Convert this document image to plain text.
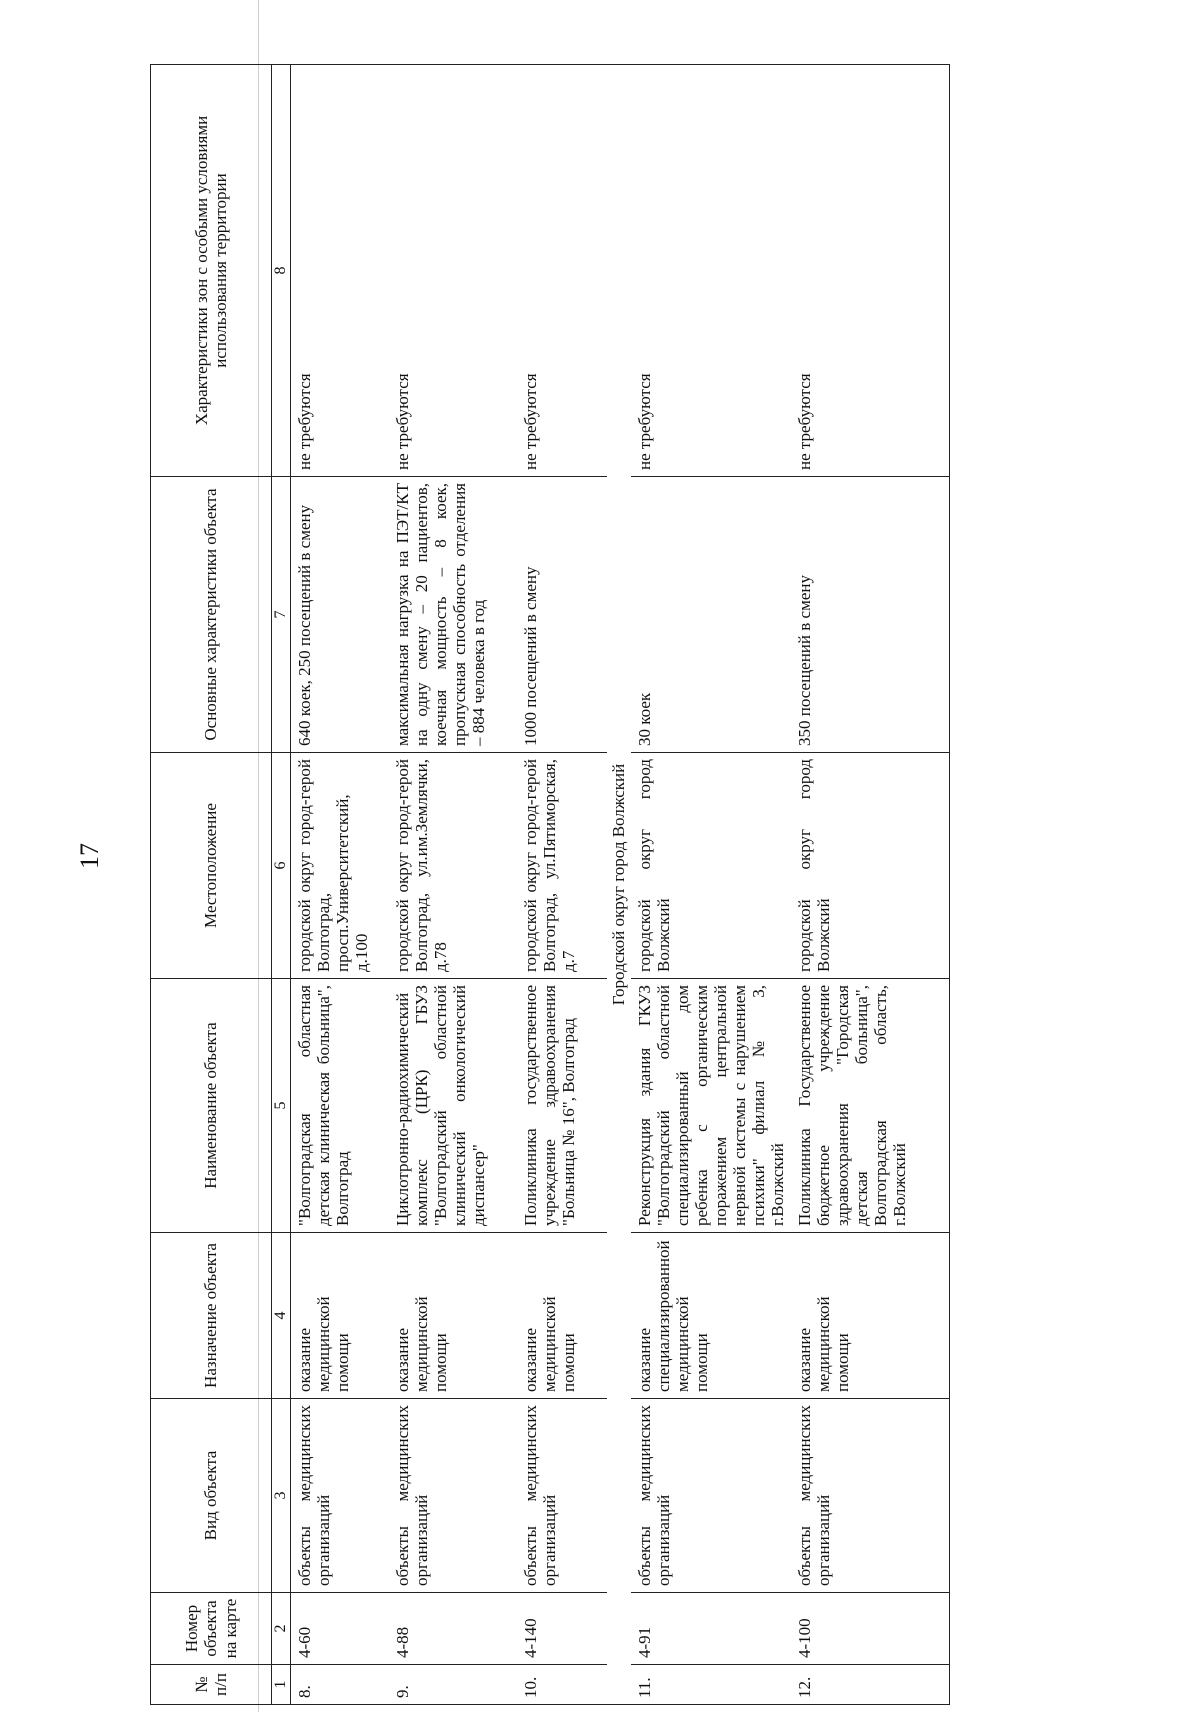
17
№ п/п	Номер объекта на карте	Вид объекта	Назначение объекта	Наименование объекта	Местоположение	Основные характеристики объекта	Характеристики зон с особыми условиями использования территории
1	2	3	4	5	6	7	8
8.	4-60	объекты медицинских организаций	оказание медицинской помощи	"Волгоградская областная детская клиническая больница", Волгоград	городской округ город-герой Волгоград, просп.Университетский, д.100	640 коек, 250 посещений в смену	не требуются
9.	4-88	объекты медицинских организаций	оказание медицинской помощи	Циклотронно-радиохимический комплекс (ЦРК) ГБУЗ "Волгоградский областной клинический онкологический диспансер"	городской округ город-герой Волгоград, ул.им.Землячки, д.78	максимальная нагрузка на ПЭТ/КТ на одну смену – 20 пациентов, коечная мощность – 8 коек, пропускная способность отделения – 884 человека в год	не требуются
10.	4-140	объекты медицинских организаций	оказание медицинской помощи	Поликлиника государственное учреждение здравоохранения "Больница № 16", Волгоград	городской округ город-герой Волгоград, ул.Пятиморская, д.7	1000 посещений в смену	не требуются
Городской округ город Волжский							
11.	4-91	объекты медицинских организаций	оказание специализированной медицинской помощи	Реконструкция здания ГКУЗ "Волгоградский областной специализированный дом ребенка с органическим поражением центральной нервной системы с нарушением психики" филиал № 3, г.Волжский	городской округ город Волжский	30 коек	не требуются
12.	4-100	объекты медицинских организаций	оказание медицинской помощи	Поликлиника Государственное бюджетное учреждение здравоохранения "Городская детская больница", Волгоградская область, г.Волжский	городской округ город Волжский	350 посещений в смену	не требуются
